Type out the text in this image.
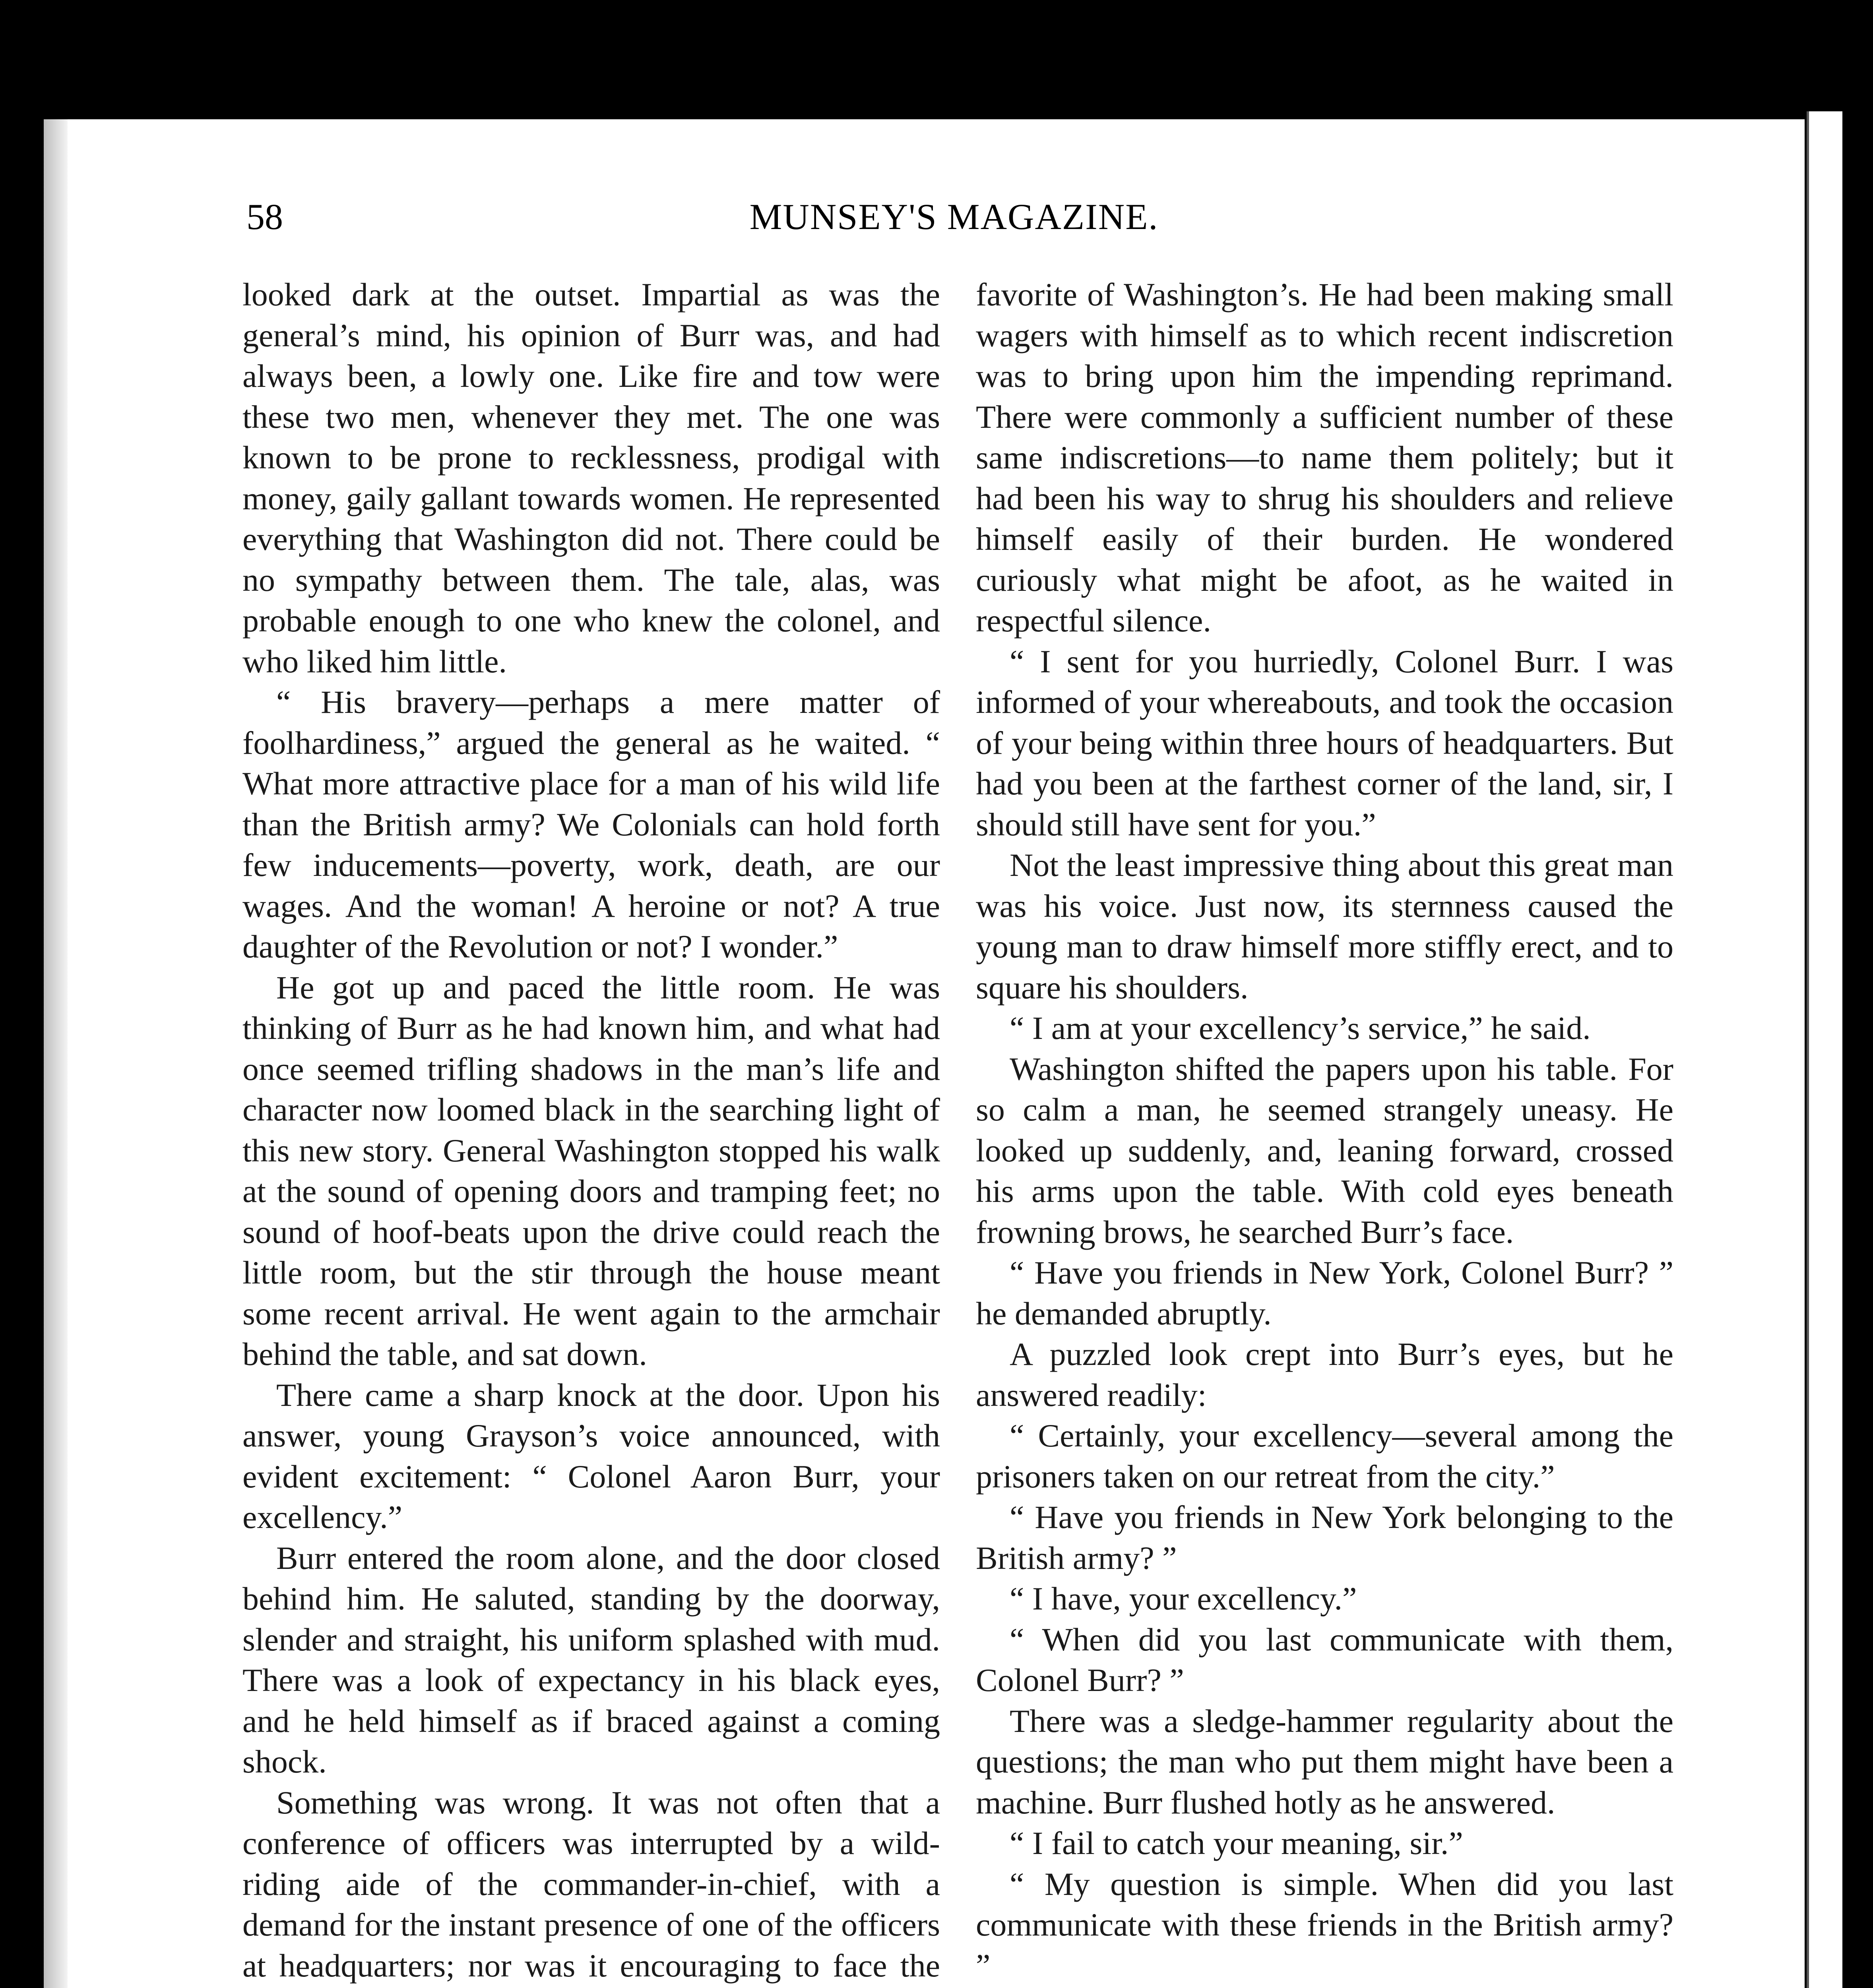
58	MUNSEY'S MAGAZINE.

looked dark at the outset. Impartial as was the general’s mind, his opinion of Burr was, and had always been, a lowly one. Like fire and tow were these two men, whenever they met. The one was known to be prone to recklessness, prodigal with money, gaily gallant towards women. He represented everything that Washington did not. There could be no sympathy between them. The tale, alas, was probable enough to one who knew the colonel, and who liked him little.

“ His bravery—perhaps a mere matter of foolhardiness,” argued the general as he waited. “ What more attractive place for a man of his wild life than the British army? We Colonials can hold forth few inducements—poverty, work, death, are our wages. And the woman! A heroine or not? A true daughter of the Revolution or not? I wonder.”

He got up and paced the little room. He was thinking of Burr as he had known him, and what had once seemed trifling shadows in the man’s life and character now loomed black in the searching light of this new story. General Washington stopped his walk at the sound of opening doors and tramping feet; no sound of hoof-beats upon the drive could reach the little room, but the stir through the house meant some recent arrival. He went again to the armchair behind the table, and sat down.

There came a sharp knock at the door. Upon his answer, young Grayson’s voice announced, with evident excitement: “ Colonel Aaron Burr, your excellency.”

Burr entered the room alone, and the door closed behind him. He saluted, standing by the doorway, slender and straight, his uniform splashed with mud. There was a look of expectancy in his black eyes, and he held himself as if braced against a coming shock.

Something was wrong. It was not often that a conference of officers was interrupted by a wild-riding aide of the commander-in-chief, with a demand for the instant presence of one of the officers at headquarters; nor was it encouraging to face the

favorite of Washington’s. He had been making small wagers with himself as to which recent indiscretion was to bring upon him the impending reprimand. There were commonly a sufficient number of these same indiscretions—to name them politely; but it had been his way to shrug his shoulders and relieve himself easily of their burden. He wondered curiously what might be afoot, as he waited in respectful silence.

“ I sent for you hurriedly, Colonel Burr. I was informed of your whereabouts, and took the occasion of your being within three hours of headquarters. But had you been at the farthest corner of the land, sir, I should still have sent for you.”

Not the least impressive thing about this great man was his voice. Just now, its sternness caused the young man to draw himself more stiffly erect, and to square his shoulders.

“ I am at your excellency’s service,” he said.

Washington shifted the papers upon his table. For so calm a man, he seemed strangely uneasy. He looked up suddenly, and, leaning forward, crossed his arms upon the table. With cold eyes beneath frowning brows, he searched Burr’s face.

“ Have you friends in New York, Colonel Burr? ” he demanded abruptly.

A puzzled look crept into Burr’s eyes, but he answered readily:

“ Certainly, your excellency—several among the prisoners taken on our retreat from the city.”

“ Have you friends in New York belonging to the British army? ”

“ I have, your excellency.”

“ When did you last communicate with them, Colonel Burr? ”

There was a sledge-hammer regularity about the questions; the man who put them might have been a machine. Burr flushed hotly as he answered.

“ I fail to catch your meaning, sir.”

“ My question is simple. When did you last communicate with these friends in the British army? ”
